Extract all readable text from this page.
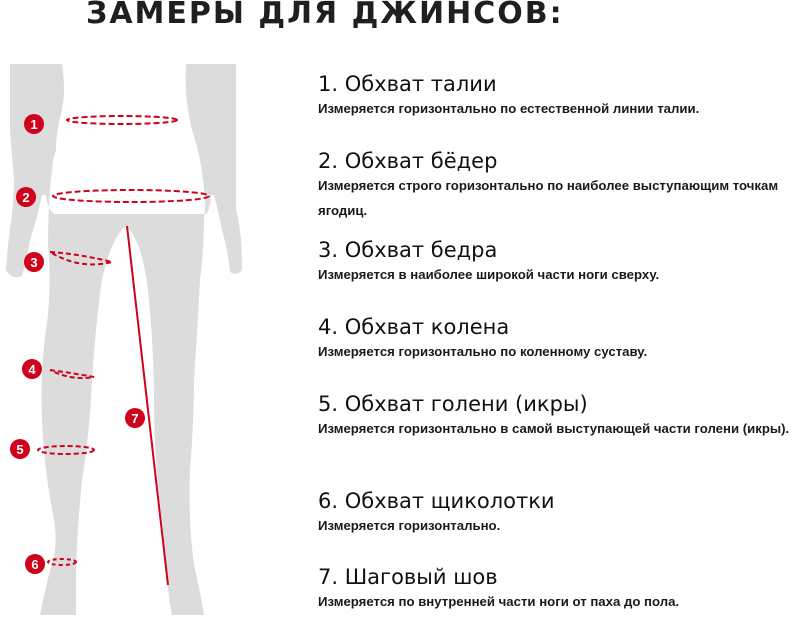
ЗАМЕРЫ ДЛЯ ДЖИНСОВ:
1
2
3
4
5
6
7
1. Обхват талии
Измеряется горизонтально по естественной линии талии.
2. Обхват бёдер
Измеряется строго горизонтально по наиболее выступающим точкам ягодиц.
3. Обхват бедра
Измеряется в наиболее широкой части ноги сверху.
4. Обхват колена
Измеряется горизонтально по коленному суставу.
5. Обхват голени (икры)
Измеряется горизонтально в самой выступающей части голени (икры).
6. Обхват щиколотки
Измеряется горизонтально.
7. Шаговый шов
Измеряется по внутренней части ноги от паха до пола.
